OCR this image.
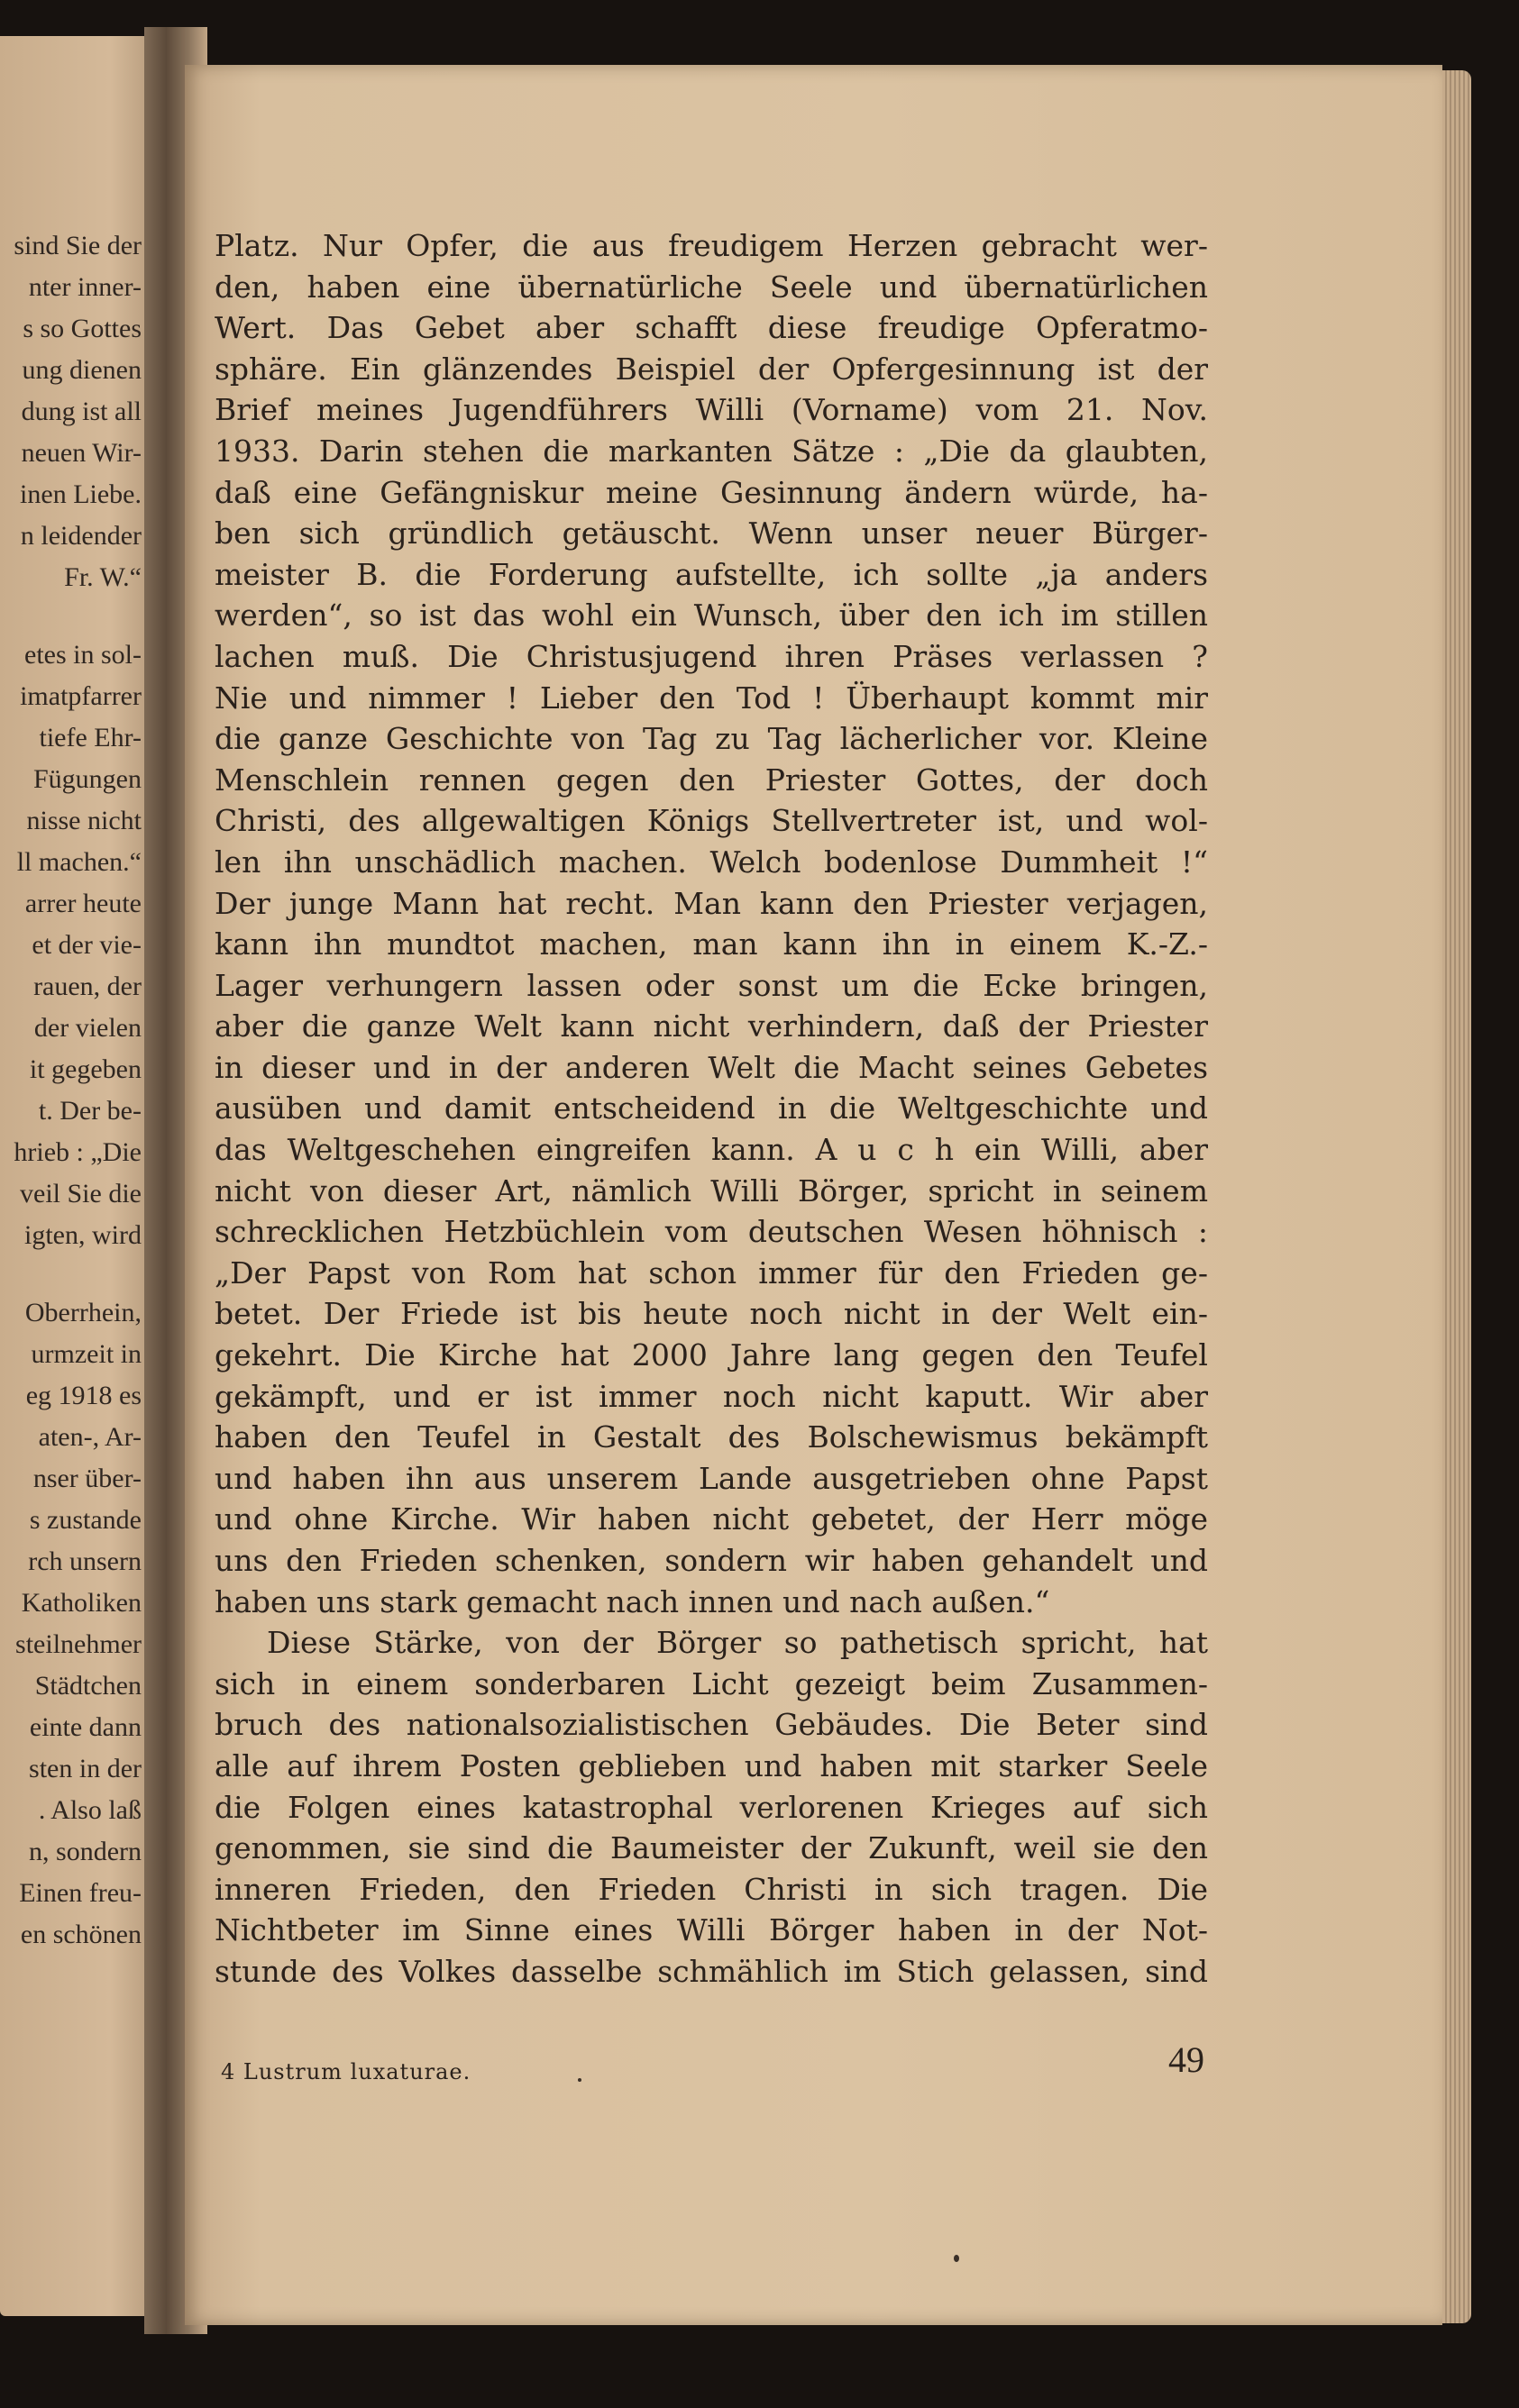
sind Sie der
nter inner-
s so Gottes
ung dienen
dung ist all
neuen Wir-
inen Liebe.
n leidender
Fr. W.“
etes in sol-
imatpfarrer
tiefe Ehr-
Fügungen
nisse nicht
ll machen.“
arrer heute
et der vie-
rauen, der
der vielen
it gegeben
t. Der be-
hrieb : „Die
veil Sie die
igten, wird
Oberrhein,
urmzeit in
eg 1918 es
aten-, Ar-
nser über-
s zustande
rch unsern
Katholiken
steilnehmer
Städtchen
einte dann
sten in der
. Also laß
n, sondern
Einen freu-
en schönen
Platz. Nur Opfer, die aus freudigem Herzen gebracht wer-
den, haben eine übernatürliche Seele und übernatürlichen
Wert. Das Gebet aber schafft diese freudige Opferatmo-
sphäre. Ein glänzendes Beispiel der Opfergesinnung ist der
Brief meines Jugendführers Willi (Vorname) vom 21. Nov.
1933. Darin stehen die markanten Sätze : „Die da glaubten,
daß eine Gefängniskur meine Gesinnung ändern würde, ha-
ben sich gründlich getäuscht. Wenn unser neuer Bürger-
meister B. die Forderung aufstellte, ich sollte „ja anders
werden“, so ist das wohl ein Wunsch, über den ich im stillen
lachen muß. Die Christusjugend ihren Präses verlassen ?
Nie und nimmer ! Lieber den Tod ! Überhaupt kommt mir
die ganze Geschichte von Tag zu Tag lächerlicher vor. Kleine
Menschlein rennen gegen den Priester Gottes, der doch
Christi, des allgewaltigen Königs Stellvertreter ist, und wol-
len ihn unschädlich machen. Welch bodenlose Dummheit !“
Der junge Mann hat recht. Man kann den Priester verjagen,
kann ihn mundtot machen, man kann ihn in einem K.-Z.-
Lager verhungern lassen oder sonst um die Ecke bringen,
aber die ganze Welt kann nicht verhindern, daß der Priester
in dieser und in der anderen Welt die Macht seines Gebetes
ausüben und damit entscheidend in die Weltgeschichte und
das Weltgeschehen eingreifen kann. A u c h ein Willi, aber
nicht von dieser Art, nämlich Willi Börger, spricht in seinem
schrecklichen Hetzbüchlein vom deutschen Wesen höhnisch :
„Der Papst von Rom hat schon immer für den Frieden ge-
betet. Der Friede ist bis heute noch nicht in der Welt ein-
gekehrt. Die Kirche hat 2000 Jahre lang gegen den Teufel
gekämpft, und er ist immer noch nicht kaputt. Wir aber
haben den Teufel in Gestalt des Bolschewismus bekämpft
und haben ihn aus unserem Lande ausgetrieben ohne Papst
und ohne Kirche. Wir haben nicht gebetet, der Herr möge
uns den Frieden schenken, sondern wir haben gehandelt und
haben uns stark gemacht nach innen und nach außen.“
Diese Stärke, von der Börger so pathetisch spricht, hat
sich in einem sonderbaren Licht gezeigt beim Zusammen-
bruch des nationalsozialistischen Gebäudes. Die Beter sind
alle auf ihrem Posten geblieben und haben mit starker Seele
die Folgen eines katastrophal verlorenen Krieges auf sich
genommen, sie sind die Baumeister der Zukunft, weil sie den
inneren Frieden, den Frieden Christi in sich tragen. Die
Nichtbeter im Sinne eines Willi Börger haben in der Not-
stunde des Volkes dasselbe schmählich im Stich gelassen, sind
4 Lustrum luxaturae.	49
